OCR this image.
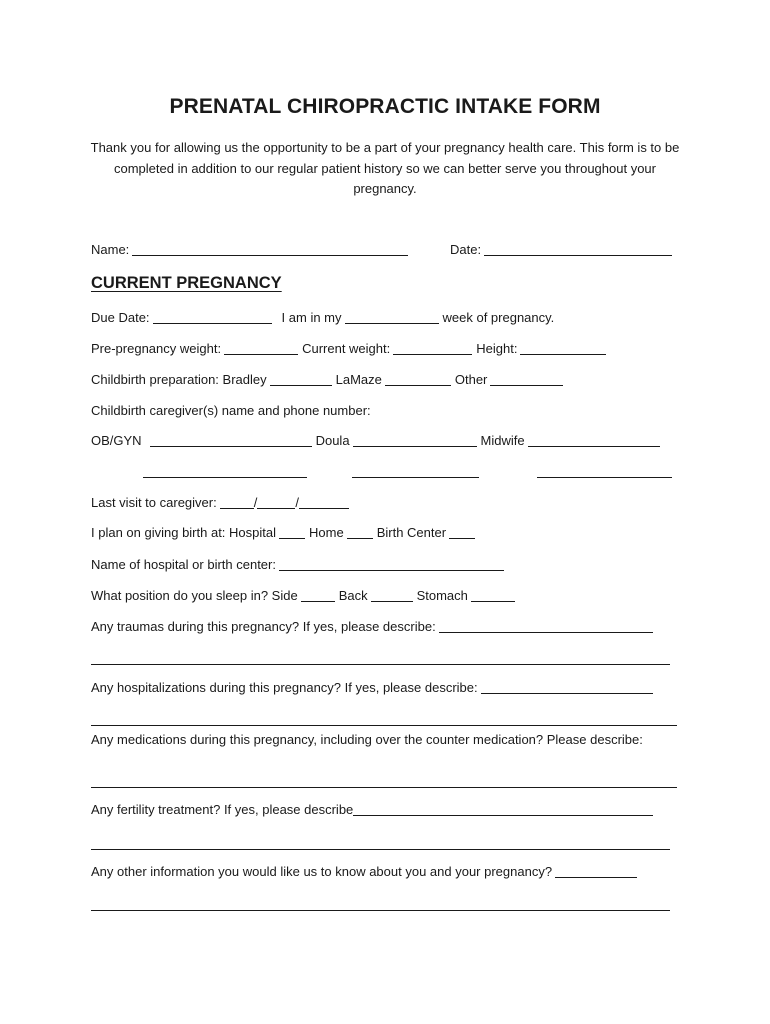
PRENATAL CHIROPRACTIC INTAKE FORM
Thank you for allowing us the opportunity to be a part of your pregnancy health care. This form is to be completed in addition to our regular patient history so we can better serve you throughout your pregnancy.
Name:	Date:
CURRENT PREGNANCY
Due Date:	I am in my	week of pregnancy.
Pre-pregnancy weight:	Current weight:	Height:
Childbirth preparation: Bradley	LaMaze	Other
Childbirth caregiver(s) name and phone number:
OB/GYN	Doula	Midwife
Last visit to caregiver:	/	/
I plan on giving birth at: Hospital	Home	Birth Center
Name of hospital or birth center:
What position do you sleep in? Side	Back	Stomach
Any traumas during this pregnancy? If yes, please describe:
Any hospitalizations during this pregnancy? If yes, please describe:
Any medications during this pregnancy, including over the counter medication? Please describe:
Any fertility treatment? If yes, please describe
Any other information you would like us to know about you and your pregnancy?
